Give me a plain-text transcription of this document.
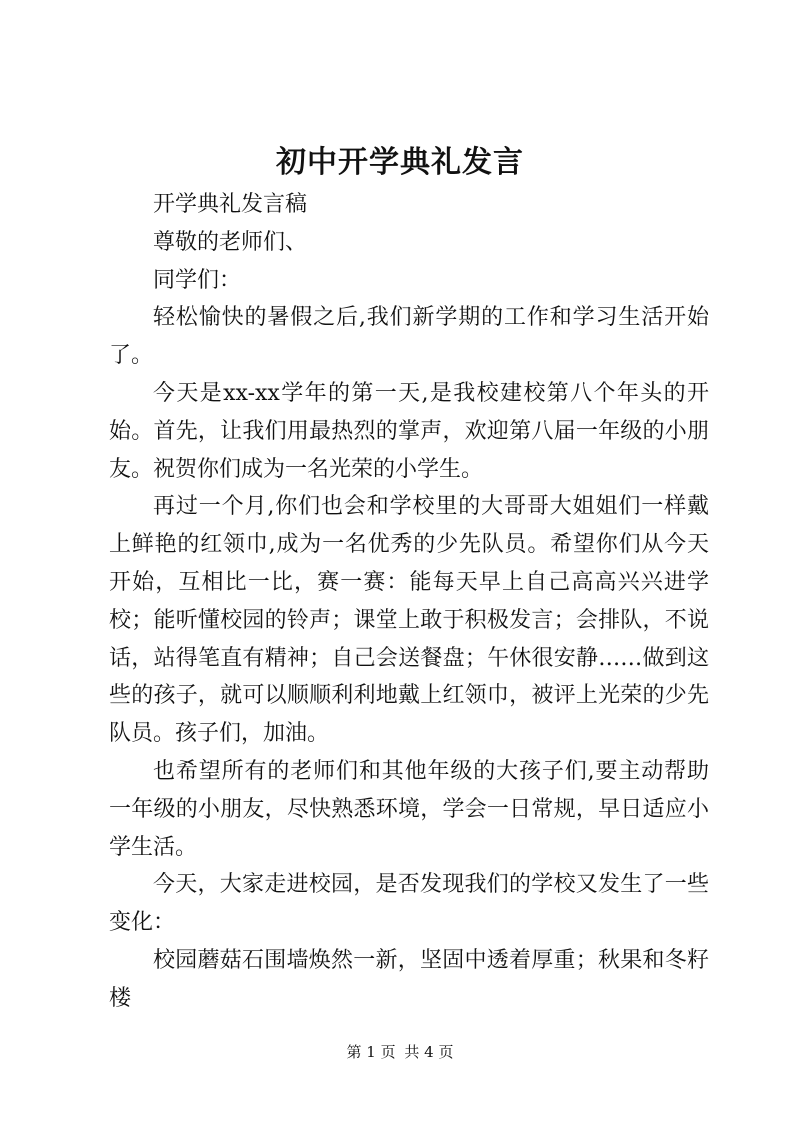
初中开学典礼发言

开学典礼发言稿

尊敬的老师们、

同学们：

轻松愉快的暑假之后,我们新学期的工作和学习生活开始了。

今天是xx-xx学年的第一天,是我校建校第八个年头的开始。首先，让我们用最热烈的掌声，欢迎第八届一年级的小朋友。祝贺你们成为一名光荣的小学生。

再过一个月,你们也会和学校里的大哥哥大姐姐们一样戴上鲜艳的红领巾,成为一名优秀的少先队员。希望你们从今天开始，互相比一比，赛一赛：能每天早上自己高高兴兴进学校；能听懂校园的铃声；课堂上敢于积极发言；会排队，不说话，站得笔直有精神；自己会送餐盘；午休很安静……做到这些的孩子，就可以顺顺利利地戴上红领巾，被评上光荣的少先队员。孩子们，加油。

也希望所有的老师们和其他年级的大孩子们,要主动帮助一年级的小朋友，尽快熟悉环境，学会一日常规，早日适应小学生活。

今天，大家走进校园，是否发现我们的学校又发生了一些变化：

校园蘑菇石围墙焕然一新，坚固中透着厚重；秋果和冬籽楼

第 1 页 共 4 页
